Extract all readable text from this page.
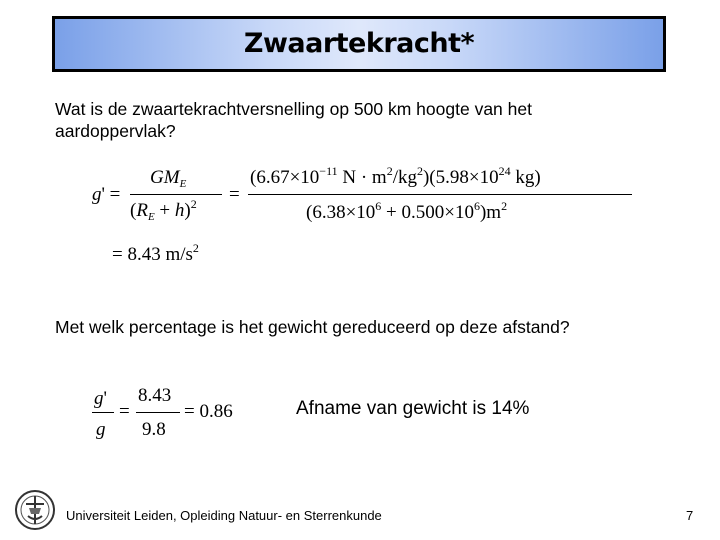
Zwaartekracht*
Wat is de zwaartekrachtversnelling op 500 km hoogte van het aardoppervlak?
g' =
$GM_E$
$(R_E + h)^2$ =
($6.67\times 10^{-11}$ $N \cdot m^2/kg^2)(5.98\times 10^{24}$ kg)
$(6.38\times 10^6 + 0.500\times 10^6)m^2$
= 8.43 $m/s^2$
Met welk percentage is het gewicht gereduceerd op deze afstand?
g'
g
=
8.43
9.8
= 0.86	Afname van gewicht is 14%
Universiteit Leiden, Opleiding Natuur- en Sterrenkunde	7
